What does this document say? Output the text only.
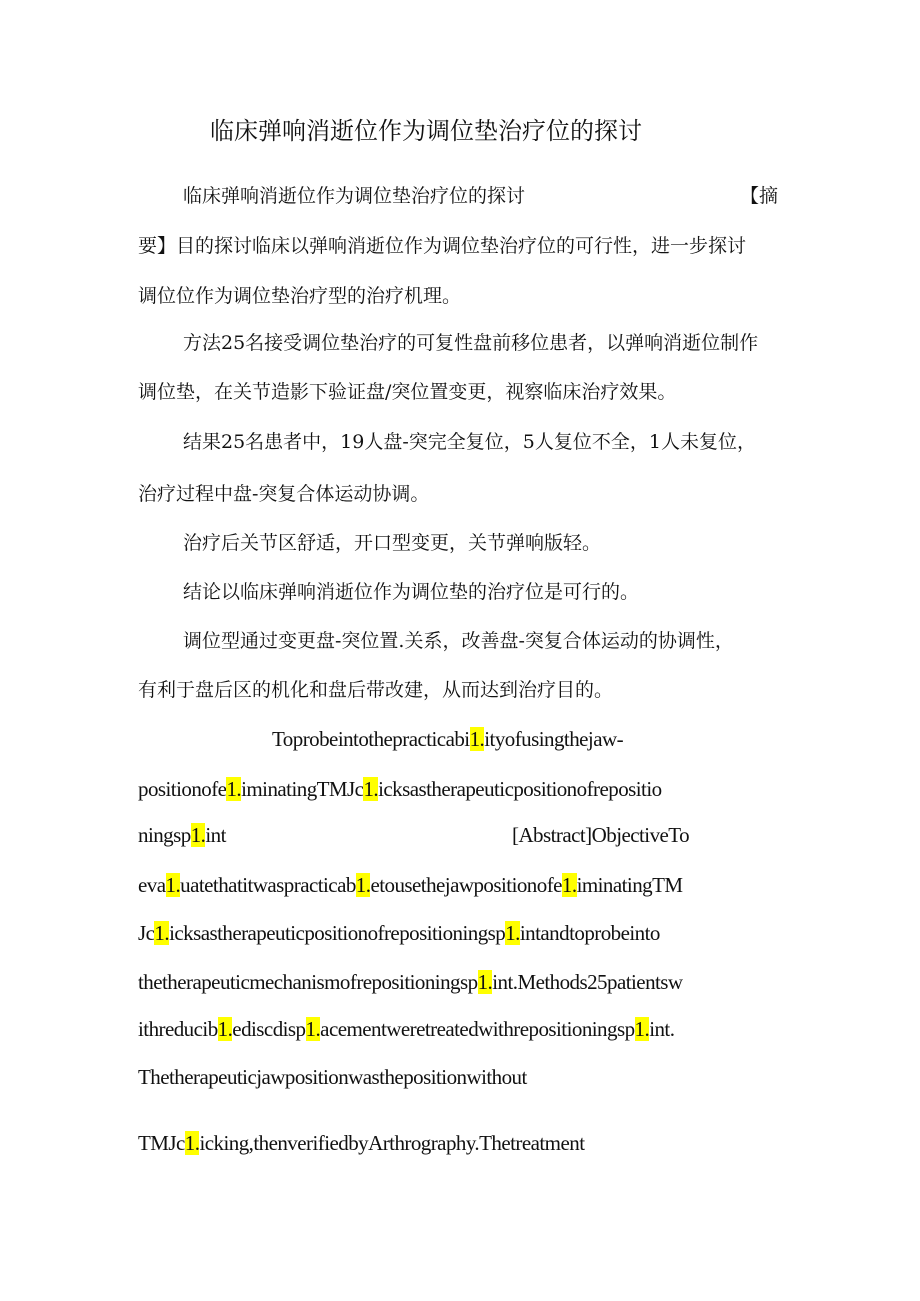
临床弹响消逝位作为调位垫治疗位的探讨
临床弹响消逝位作为调位垫治疗位的探讨	【摘
要】目的探讨临床以弹响消逝位作为调位垫治疗位的可行性，进一步探讨
调位位作为调位垫治疗型的治疗机理。
方法25名接受调位垫治疗的可复性盘前移位患者，以弹响消逝位制作
调位垫，在关节造影下验证盘/突位置变更，视察临床治疗效果。
结果25名患者中，19人盘-突完全复位，5人复位不全，1人未复位，
治疗过程中盘-突复合体运动协调。
治疗后关节区舒适，开口型变更，关节弹响版轻。
结论以临床弹响消逝位作为调位垫的治疗位是可行的。
调位型通过变更盘-突位置.关系，改善盘-突复合体运动的协调性，
有利于盘后区的机化和盘后带改建，从而达到治疗目的。
Toprobeintothepracticabi1.ityofusingthejaw-
positionofe1.iminatingTMJc1.icksastherapeuticpositionofrepositio
ningsp1.int	[Abstract]ObjectiveTo
eva1.uatethatitwaspracticab1.etousethejawpositionofe1.iminatingTM
Jc1.icksastherapeuticpositionofrepositioningsp1.intandtoprobeinto
thetherapeuticmechanismofrepositioningsp1.int.Methods25patientsw
ithreducib1.ediscdisp1.acementweretreatedwithrepositioningsp1.int.
Thetherapeuticjawpositionwasthepositionwithout
TMJc1.icking,thenverifiedbyArthrography.Thetreatment
